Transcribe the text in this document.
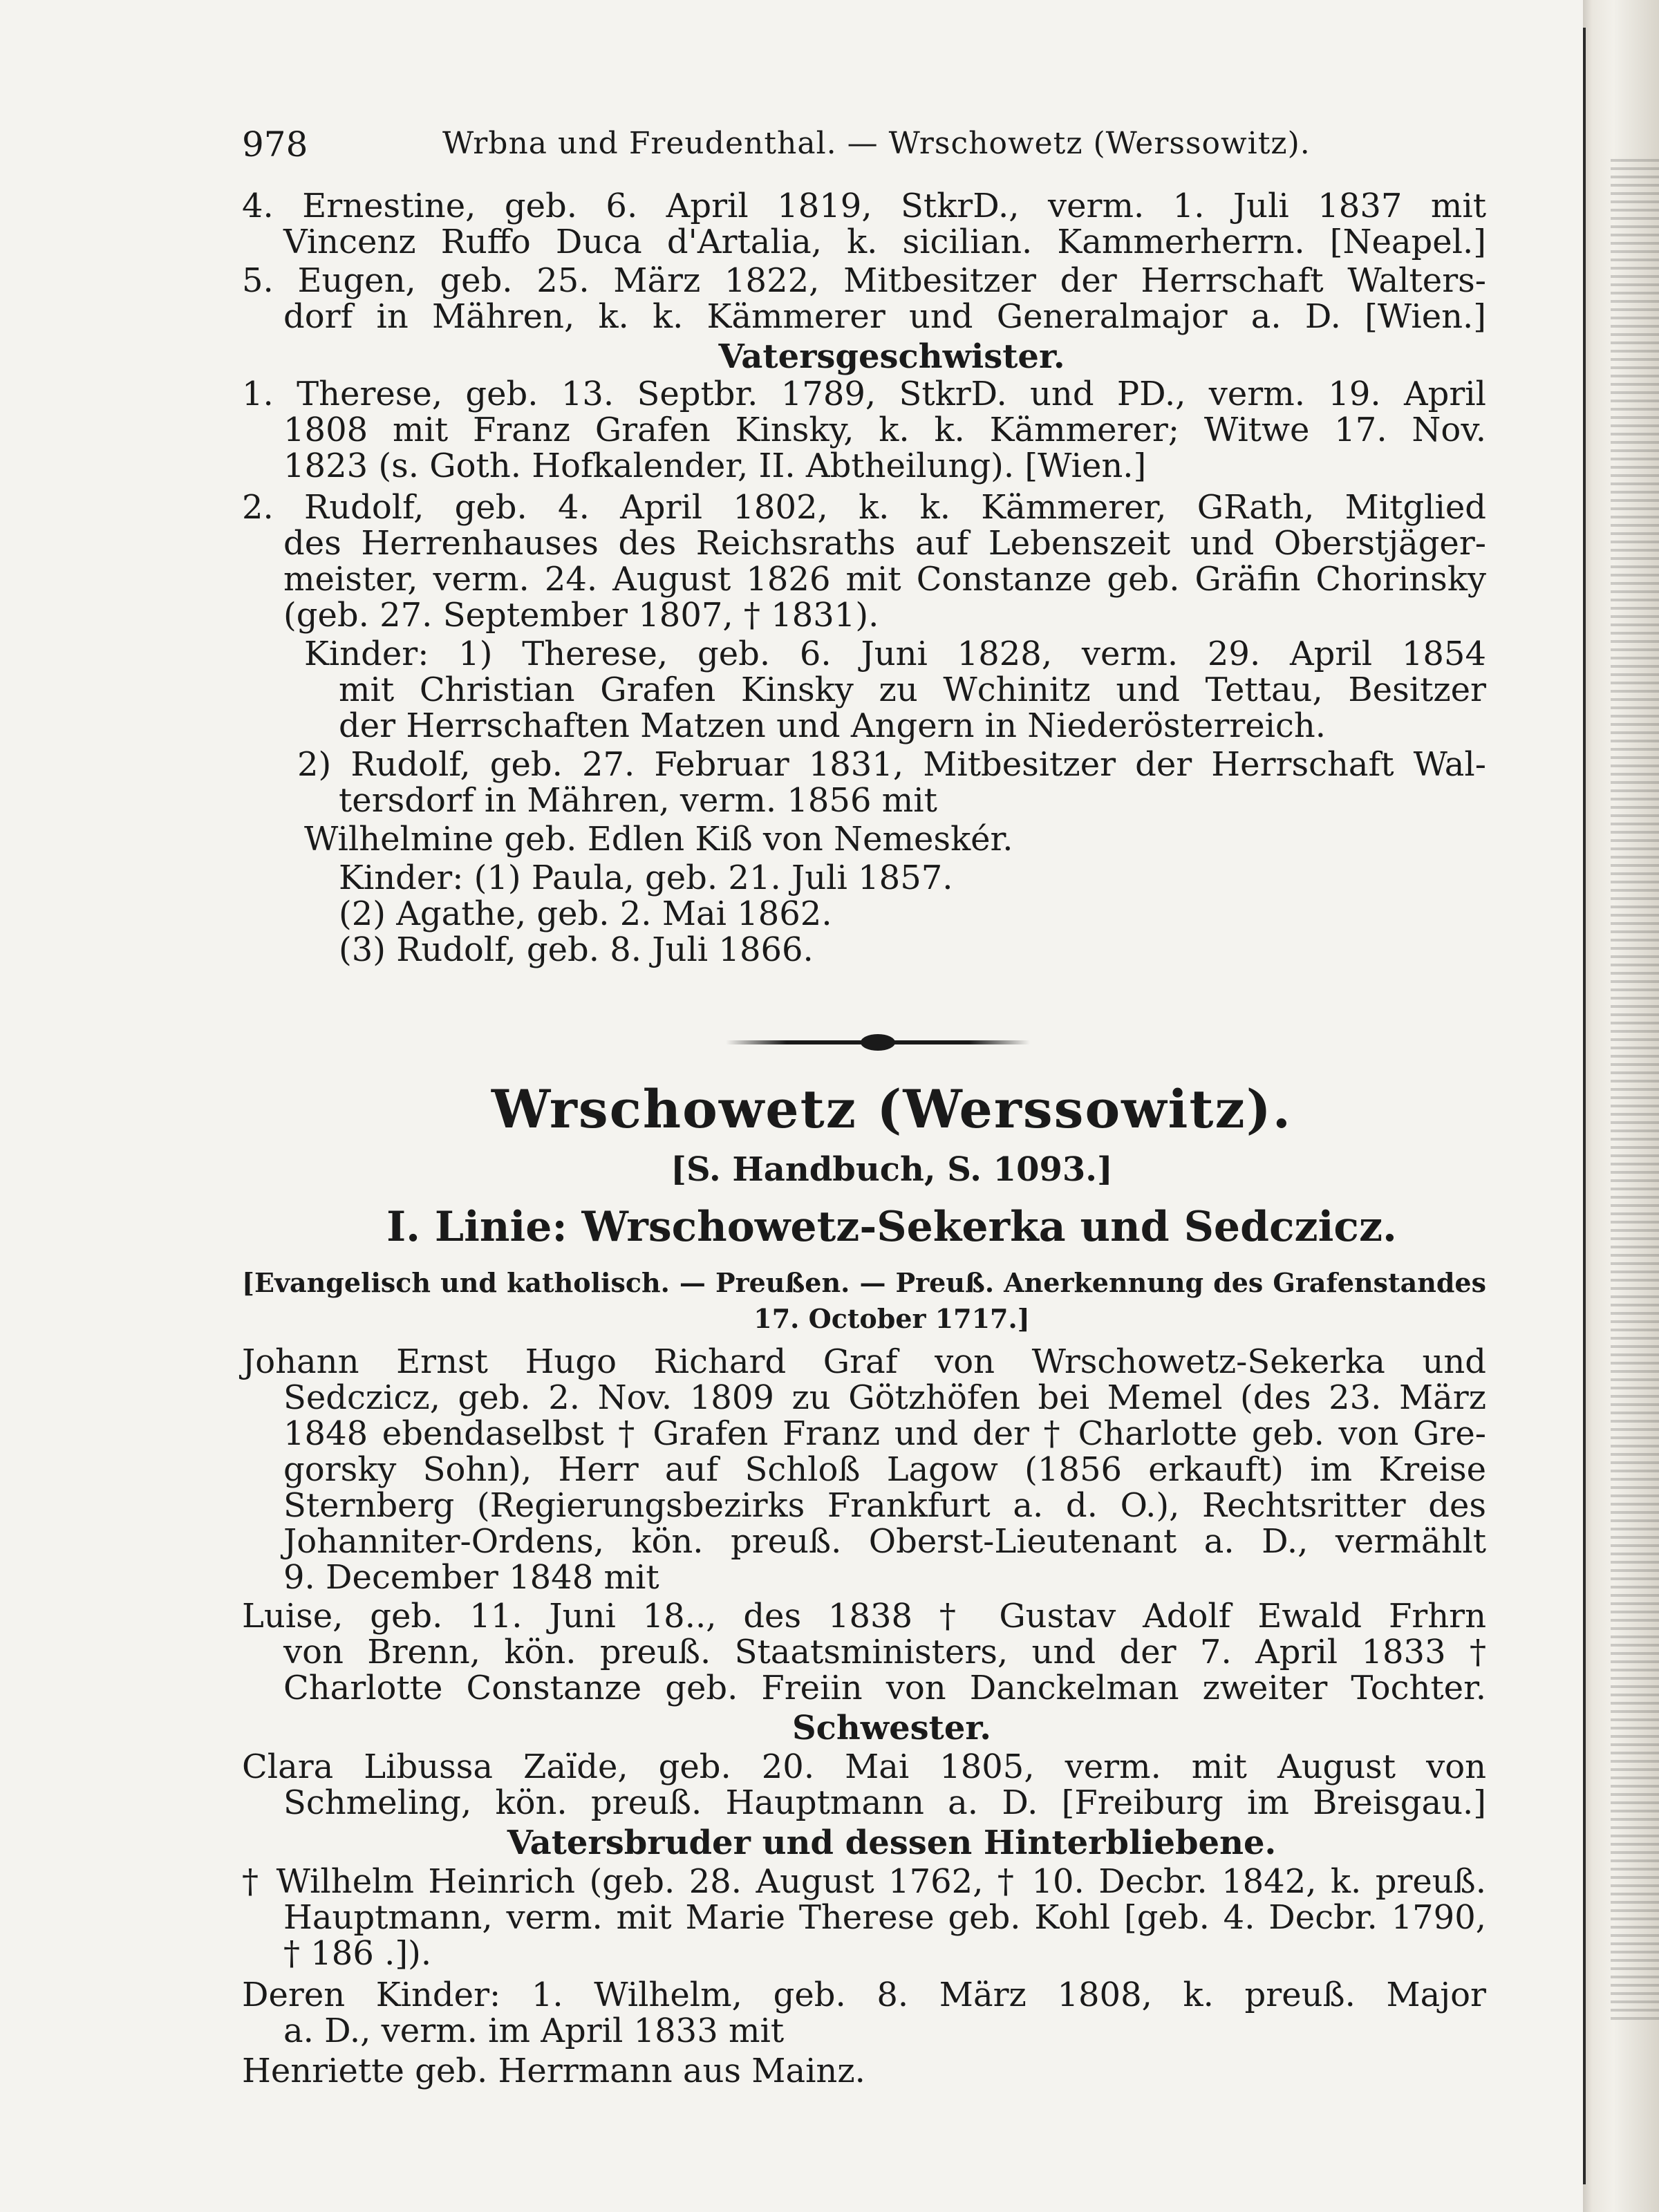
978	Wrbna und Freudenthal. — Wrschowetz (Werssowitz).
4. Ernestine, geb. 6. April 1819, StkrD., verm. 1. Juli 1837 mit
Vincenz Ruffo Duca d'Artalia, k. sicilian. Kammerherrn. [Neapel.]
5. Eugen, geb. 25. März 1822, Mitbesitzer der Herrschaft Walters-
dorf in Mähren, k. k. Kämmerer und Generalmajor a. D. [Wien.]
Vatersgeschwister.
1. Therese, geb. 13. Septbr. 1789, StkrD. und PD., verm. 19. April
1808 mit Franz Grafen Kinsky, k. k. Kämmerer; Witwe 17. Nov.
1823 (s. Goth. Hofkalender, II. Abtheilung). [Wien.]
2. Rudolf, geb. 4. April 1802, k. k. Kämmerer, GRath, Mitglied
des Herrenhauses des Reichsraths auf Lebenszeit und Oberstjäger-
meister, verm. 24. August 1826 mit Constanze geb. Gräfin Chorinsky
(geb. 27. September 1807, † 1831).
Kinder: 1) Therese, geb. 6. Juni 1828, verm. 29. April 1854
mit Christian Grafen Kinsky zu Wchinitz und Tettau, Besitzer
der Herrschaften Matzen und Angern in Niederösterreich.
2) Rudolf, geb. 27. Februar 1831, Mitbesitzer der Herrschaft Wal-
tersdorf in Mähren, verm. 1856 mit
Wilhelmine geb. Edlen Kiß von Nemeskér.
Kinder: (1) Paula, geb. 21. Juli 1857.
(2) Agathe, geb. 2. Mai 1862.
(3) Rudolf, geb. 8. Juli 1866.
Wrschowetz (Werssowitz).
[S. Handbuch, S. 1093.]
I. Linie: Wrschowetz-Sekerka und Sedczicz.
[Evangelisch und katholisch. — Preußen. — Preuß. Anerkennung des Grafenstandes
17. October 1717.]
Johann Ernst Hugo Richard Graf von Wrschowetz-Sekerka und
Sedczicz, geb. 2. Nov. 1809 zu Götzhöfen bei Memel (des 23. März
1848 ebendaselbst † Grafen Franz und der † Charlotte geb. von Gre-
gorsky Sohn), Herr auf Schloß Lagow (1856 erkauft) im Kreise
Sternberg (Regierungsbezirks Frankfurt a. d. O.), Rechtsritter des
Johanniter-Ordens, kön. preuß. Oberst-Lieutenant a. D., vermählt
9. December 1848 mit
Luise, geb. 11. Juni 18.., des 1838 † Gustav Adolf Ewald Frhrn
von Brenn, kön. preuß. Staatsministers, und der 7. April 1833 †
Charlotte Constanze geb. Freiin von Danckelman zweiter Tochter.
Schwester.
Clara Libussa Zaïde, geb. 20. Mai 1805, verm. mit August von
Schmeling, kön. preuß. Hauptmann a. D. [Freiburg im Breisgau.]
Vatersbruder und dessen Hinterbliebene.
† Wilhelm Heinrich (geb. 28. August 1762, † 10. Decbr. 1842, k. preuß.
Hauptmann, verm. mit Marie Therese geb. Kohl [geb. 4. Decbr. 1790,
† 186 .]).
Deren Kinder: 1. Wilhelm, geb. 8. März 1808, k. preuß. Major
a. D., verm. im April 1833 mit
Henriette geb. Herrmann aus Mainz.
